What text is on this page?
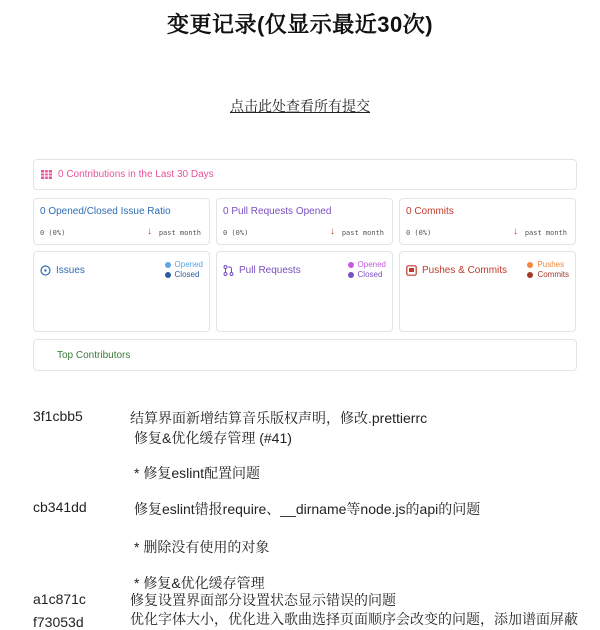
变更记录(仅显示最近30次)
点击此处查看所有提交
0 Contributions in the Last 30 Days
0 Opened/Closed Issue Ratio
0 (0%)	↓ past month
0 Pull Requests Opened
0 (0%)	↓ past month
0 Commits
0 (0%)	↓ past month
Issues
Opened
Closed	Pull Requests
Opened
Closed	Pushes & Commits
Pushes
Commits
Top Contributors
3f1cbb5	结算界面新增结算音乐版权声明，修改.prettierrc
修复&优化缓存管理 (#41)
* 修复eslint配置问题
cb341dd	修复eslint错报require、__dirname等node.js的api的问题
* 删除没有使用的对象
* 修复&优化缓存管理
a1c871c	修复设置界面部分设置状态显示错误的问题
f73053d	优化字体大小，优化进入歌曲选择页面顺序会改变的问题，添加谱面屏蔽
